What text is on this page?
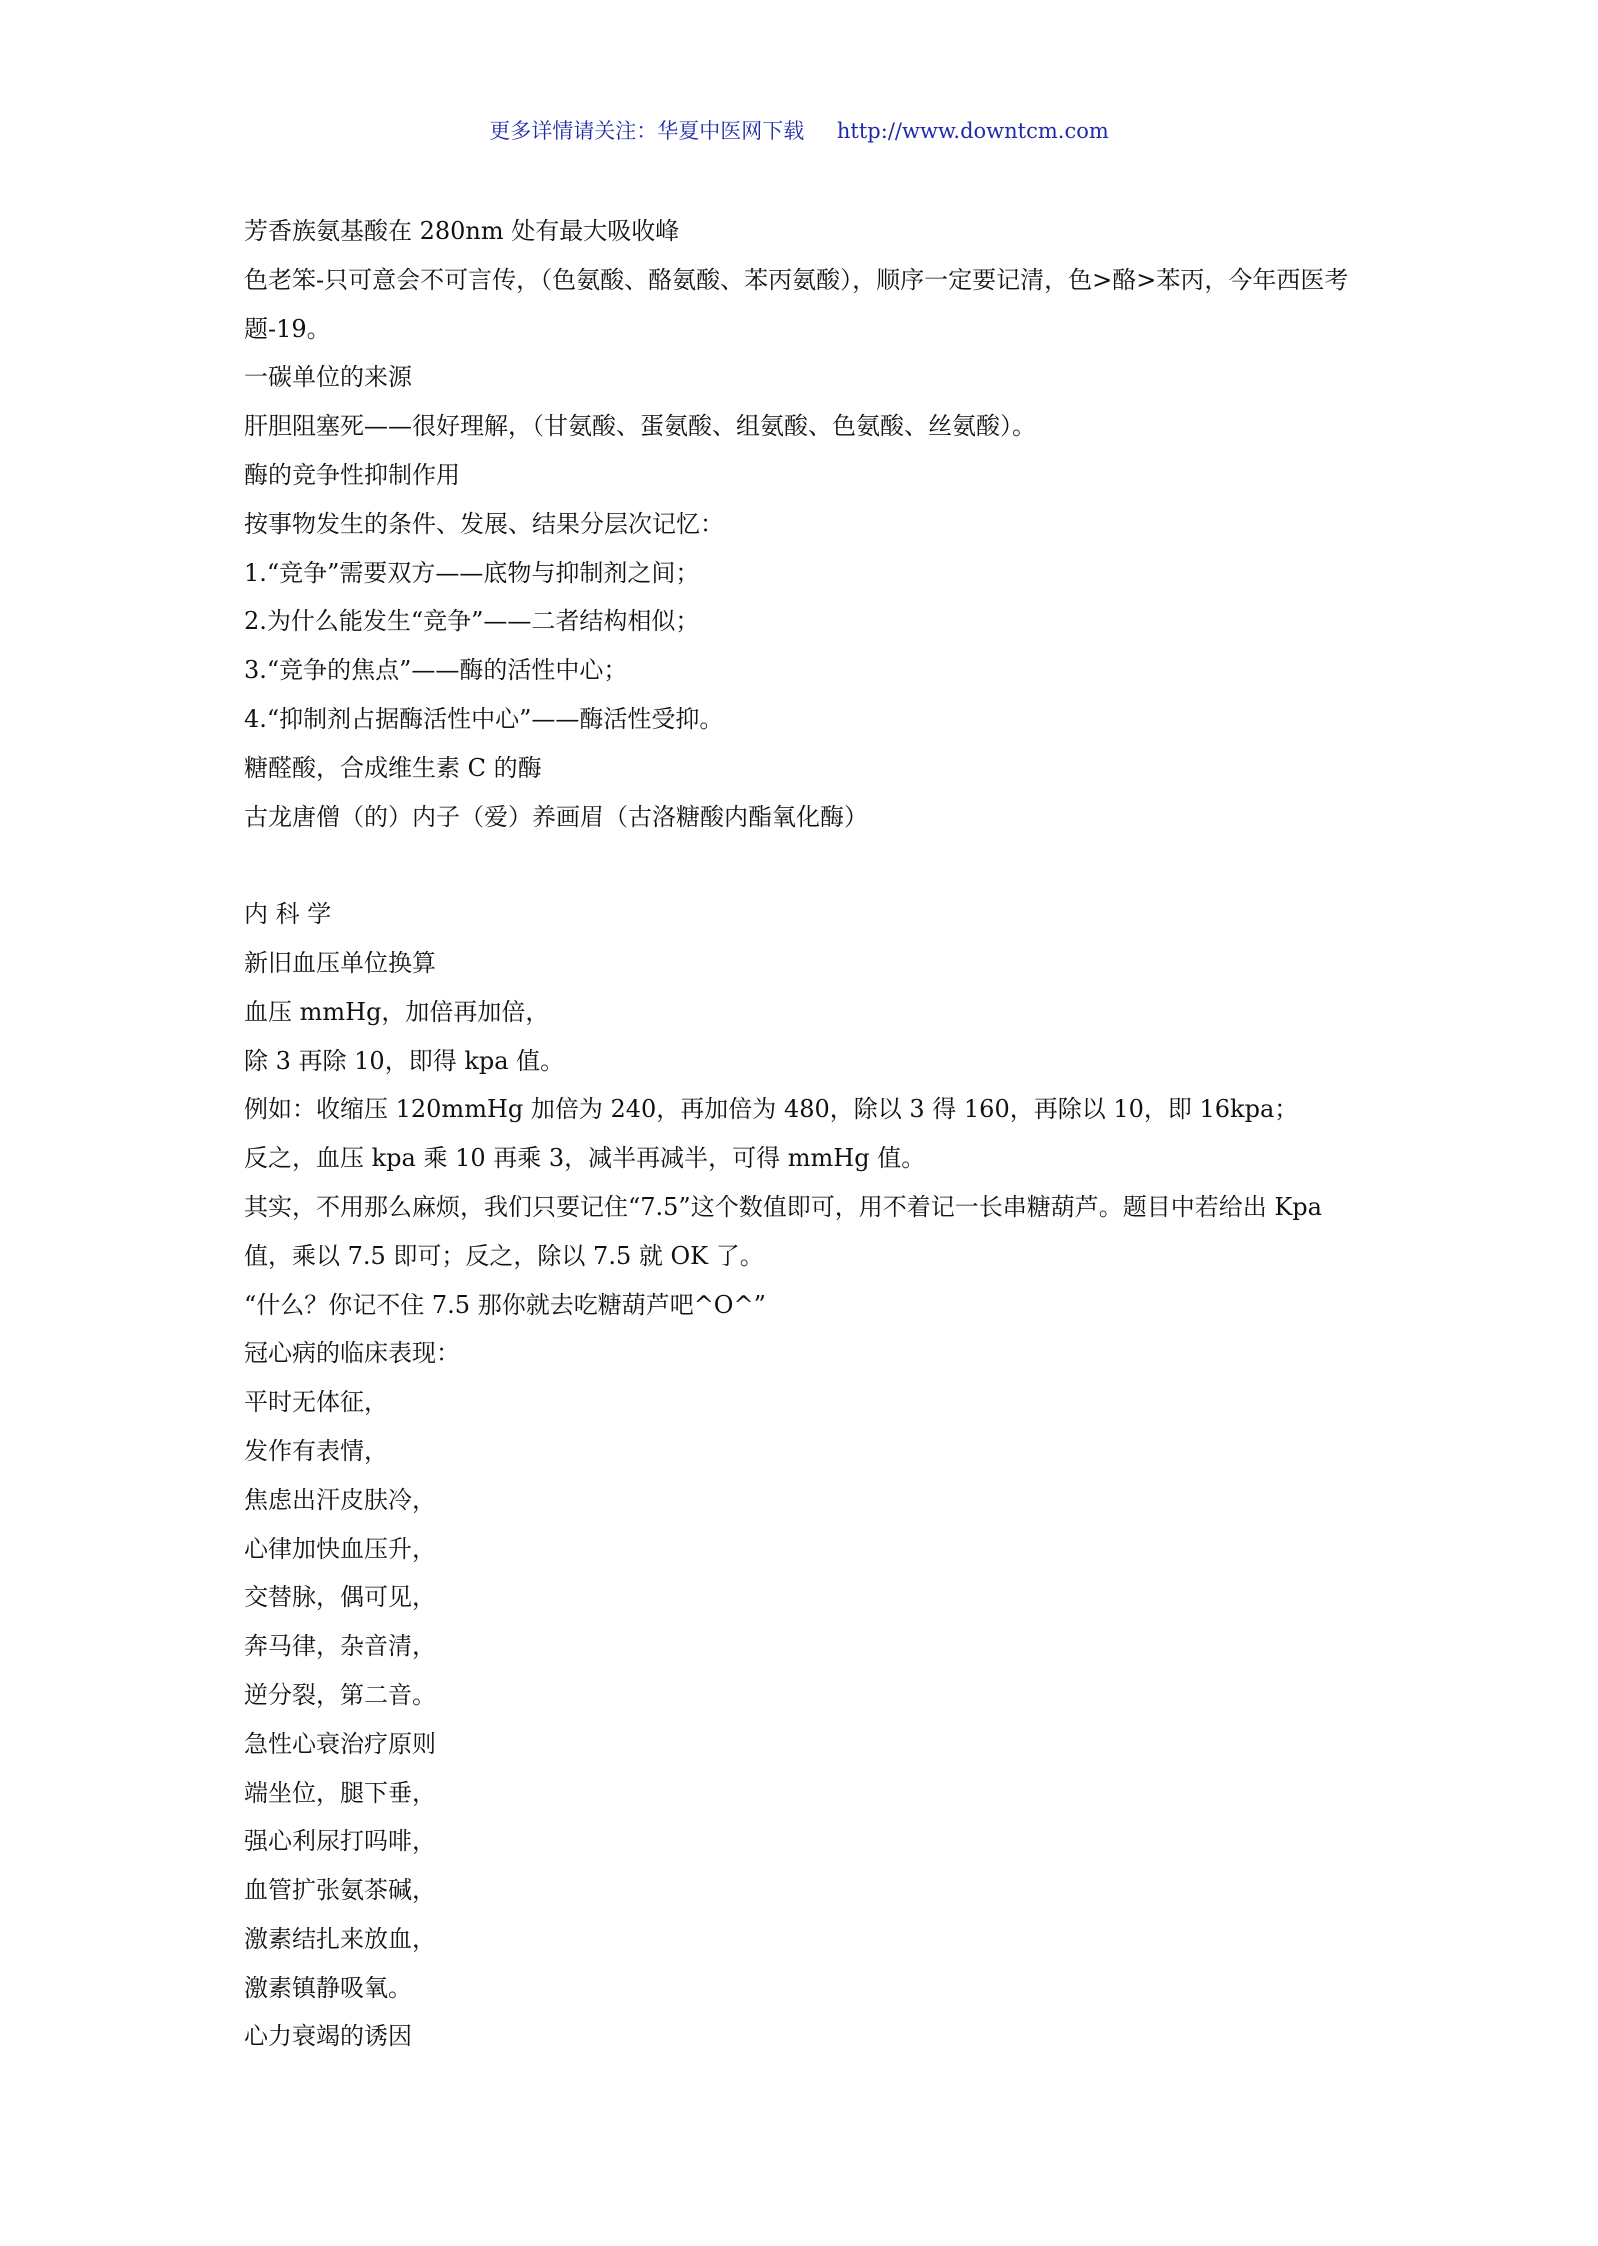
更多详情请关注：华夏中医网下载 http://www.downtcm.com

芳香族氨基酸在 280nm 处有最大吸收峰

色老笨-只可意会不可言传，（色氨酸、酪氨酸、苯丙氨酸），顺序一定要记清，色>酪>苯丙，今年西医考题-19。

一碳单位的来源

肝胆阻塞死——很好理解，（甘氨酸、蛋氨酸、组氨酸、色氨酸、丝氨酸）。

酶的竞争性抑制作用

按事物发生的条件、发展、结果分层次记忆：

1.“竞争”需要双方——底物与抑制剂之间；

2.为什么能发生“竞争”——二者结构相似；

3.“竞争的焦点”——酶的活性中心；

4.“抑制剂占据酶活性中心”——酶活性受抑。

糖醛酸，合成维生素 C 的酶

古龙唐僧（的）内子（爱）养画眉（古洛糖酸内酯氧化酶）

内 科 学

新旧血压单位换算

血压 mmHg，加倍再加倍，

除 3 再除 10，即得 kpa 值。

例如：收缩压 120mmHg 加倍为 240，再加倍为 480，除以 3 得 160，再除以 10，即 16kpa；

反之，血压 kpa 乘 10 再乘 3，减半再减半，可得 mmHg 值。

其实，不用那么麻烦，我们只要记住“7.5”这个数值即可，用不着记一长串糖葫芦。题目中若给出 Kpa 值，乘以 7.5 即可；反之，除以 7.5 就 OK 了。

“什么？你记不住 7.5 那你就去吃糖葫芦吧^O^”

冠心病的临床表现：

平时无体征，

发作有表情，

焦虑出汗皮肤冷，

心律加快血压升，

交替脉，偶可见，

奔马律，杂音清，

逆分裂，第二音。

急性心衰治疗原则

端坐位，腿下垂，

强心利尿打吗啡，

血管扩张氨茶碱，

激素结扎来放血，

激素镇静吸氧。

心力衰竭的诱因
